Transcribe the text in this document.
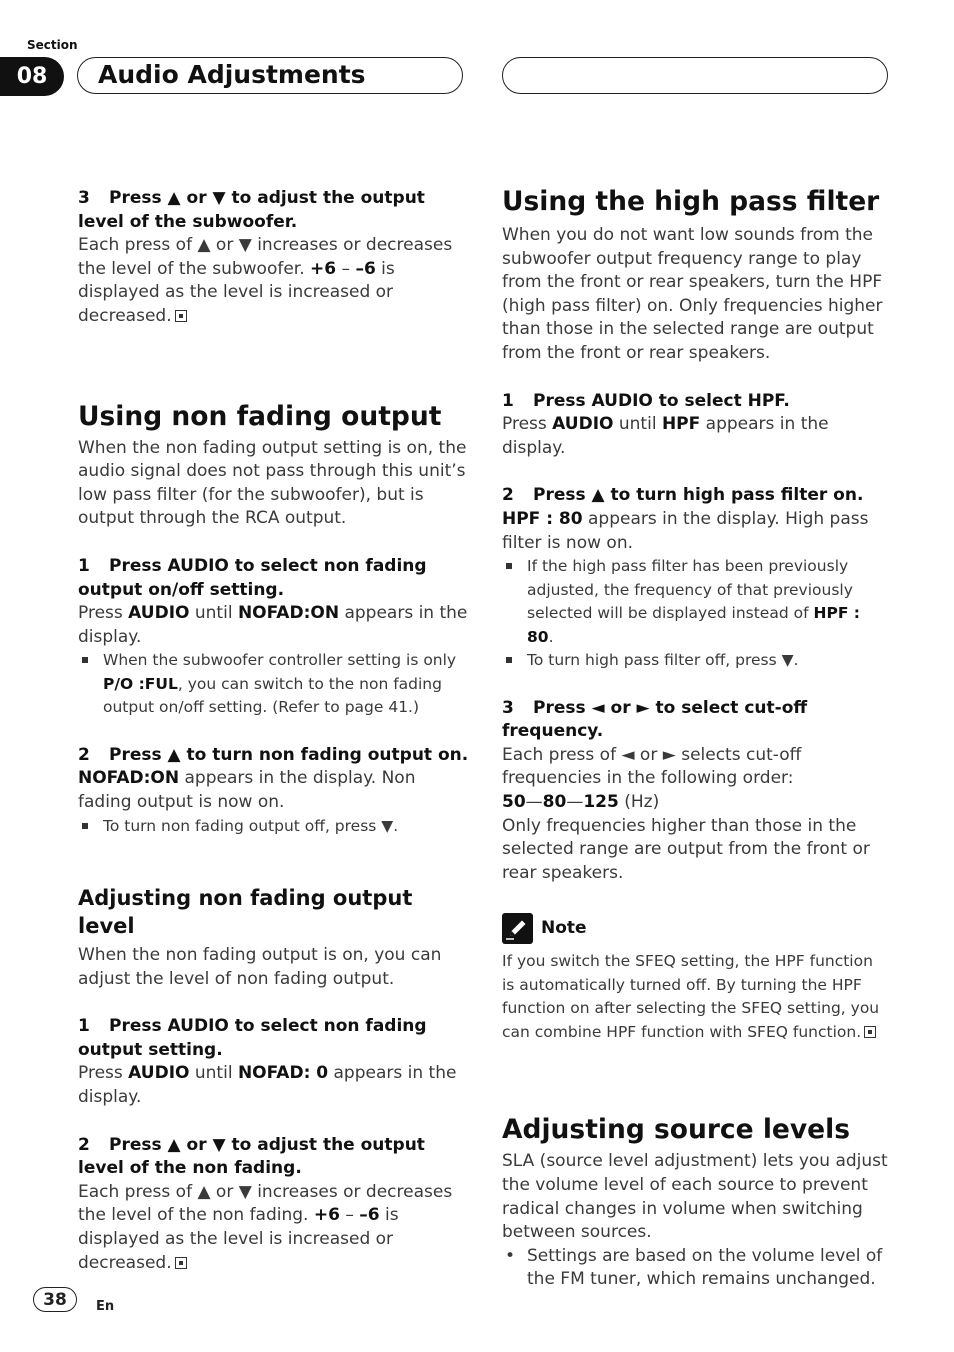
Section
08	Audio Adjustments

3 Press ▲ or ▼ to adjust the output level of the subwoofer.

Each press of ▲ or ▼ increases or decreases the level of the subwoofer. +6 – –6 is displayed as the level is increased or decreased.

Using non fading output

When the non fading output setting is on, the audio signal does not pass through this unit’s low pass filter (for the subwoofer), but is output through the RCA output.

1 Press AUDIO to select non fading output on/off setting.

Press AUDIO until NOFAD:ON appears in the display.

When the subwoofer controller setting is only P/O :FUL, you can switch to the non fading output on/off setting. (Refer to page 41.)

2 Press ▲ to turn non fading output on.

NOFAD:ON appears in the display. Non fading output is now on.

To turn non fading output off, press ▼.

Adjusting non fading output level

When the non fading output is on, you can adjust the level of non fading output.

1 Press AUDIO to select non fading output setting.

Press AUDIO until NOFAD: 0 appears in the display.

2 Press ▲ or ▼ to adjust the output level of the non fading.

Each press of ▲ or ▼ increases or decreases the level of the non fading. +6 – –6 is displayed as the level is increased or decreased.

Using the high pass filter

When you do not want low sounds from the subwoofer output frequency range to play from the front or rear speakers, turn the HPF (high pass filter) on. Only frequencies higher than those in the selected range are output from the front or rear speakers.

1 Press AUDIO to select HPF.

Press AUDIO until HPF appears in the display.

2 Press ▲ to turn high pass filter on.

HPF : 80 appears in the display. High pass filter is now on.

If the high pass filter has been previously adjusted, the frequency of that previously selected will be displayed instead of HPF : 80.

To turn high pass filter off, press ▼.

3 Press ◄ or ► to select cut-off frequency.

Each press of ◄ or ► selects cut-off frequencies in the following order:

50—80—125 (Hz)

Only frequencies higher than those in the selected range are output from the front or rear speakers.

Note

If you switch the SFEQ setting, the HPF function is automatically turned off. By turning the HPF function on after selecting the SFEQ setting, you can combine HPF function with SFEQ function.

Adjusting source levels

SLA (source level adjustment) lets you adjust the volume level of each source to prevent radical changes in volume when switching between sources.

• Settings are based on the volume level of the FM tuner, which remains unchanged.

38	En
